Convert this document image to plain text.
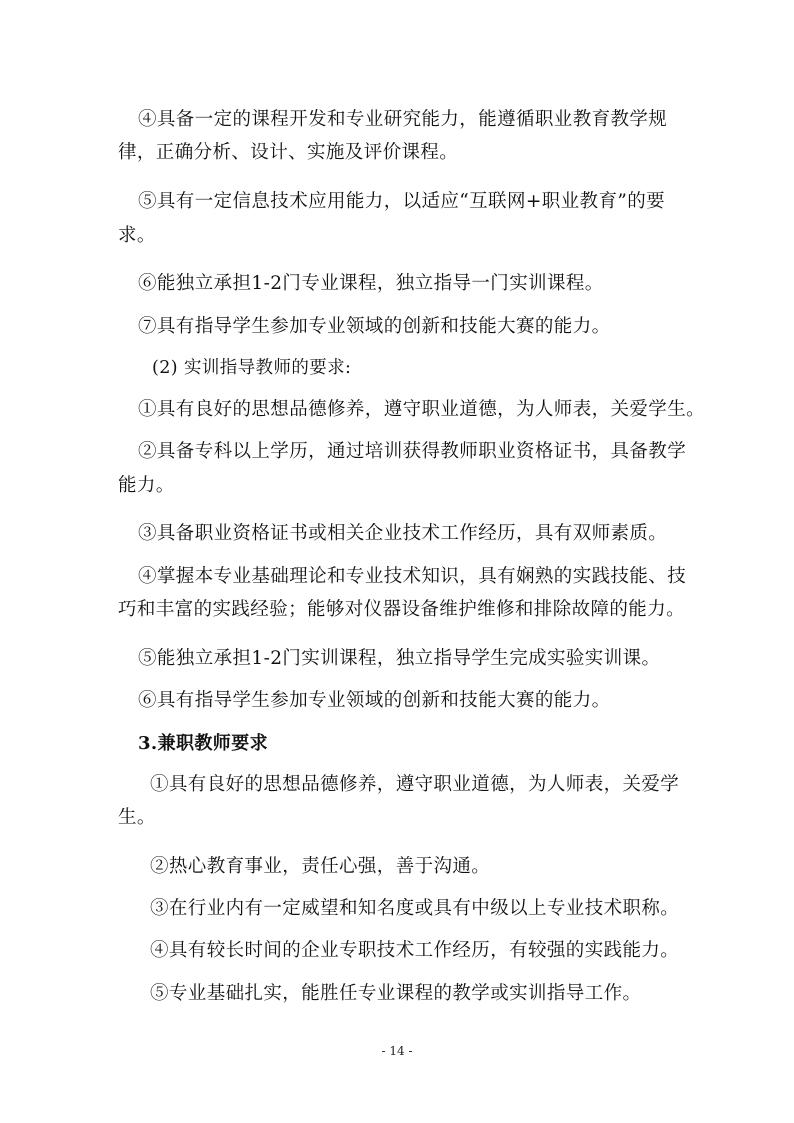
④具备一定的课程开发和专业研究能力，能遵循职业教育教学规
律，正确分析、设计、实施及评价课程。
⑤具有一定信息技术应用能力，以适应“互联网+职业教育”的要
求。
⑥能独立承担1-2门专业课程，独立指导一门实训课程。
⑦具有指导学生参加专业领域的创新和技能大赛的能力。
(2) 实训指导教师的要求:
①具有良好的思想品德修养，遵守职业道德，为人师表，关爱学生。
②具备专科以上学历，通过培训获得教师职业资格证书，具备教学
能力。
③具备职业资格证书或相关企业技术工作经历，具有双师素质。
④掌握本专业基础理论和专业技术知识，具有娴熟的实践技能、技
巧和丰富的实践经验；能够对仪器设备维护维修和排除故障的能力。
⑤能独立承担1-2门实训课程，独立指导学生完成实验实训课。
⑥具有指导学生参加专业领域的创新和技能大赛的能力。
3.兼职教师要求
①具有良好的思想品德修养，遵守职业道德，为人师表，关爱学
生。
②热心教育事业，责任心强，善于沟通。
③在行业内有一定威望和知名度或具有中级以上专业技术职称。
④具有较长时间的企业专职技术工作经历，有较强的实践能力。
⑤专业基础扎实，能胜任专业课程的教学或实训指导工作。
- 14 -
